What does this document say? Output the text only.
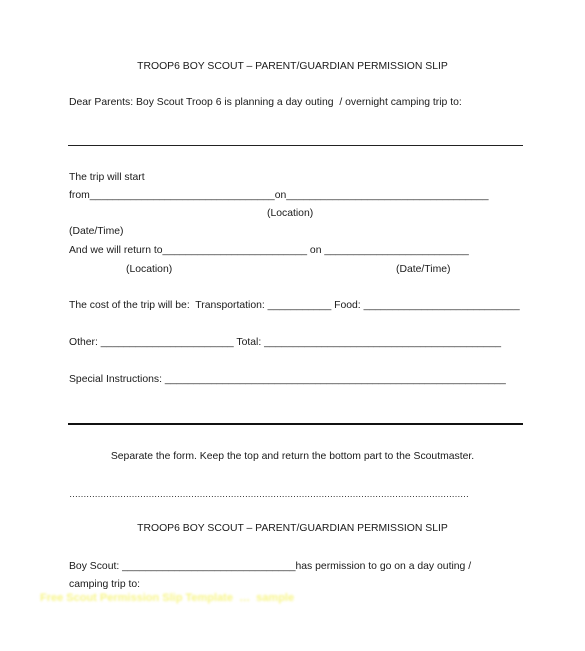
TROOP6 BOY SCOUT – PARENT/GUARDIAN PERMISSION SLIP
Dear Parents: Boy Scout Troop 6 is planning a day outing  / overnight camping trip to:
The trip will start
from________________________________on___________________________________
(Location)
(Date/Time)
And we will return to_________________________ on _________________________
(Location)	(Date/Time)
The cost of the trip will be:  Transportation: ___________ Food: ___________________________
Other: _______________________ Total: _________________________________________
Special Instructions: ___________________________________________________________
Separate the form. Keep the top and return the bottom part to the Scoutmaster.
……………………………………………………………………………………………………………………………
TROOP6 BOY SCOUT – PARENT/GUARDIAN PERMISSION SLIP
Boy Scout: ______________________________has permission to go on a day outing /
camping trip to:
Free Scout Permission Slip Template  …  sample
